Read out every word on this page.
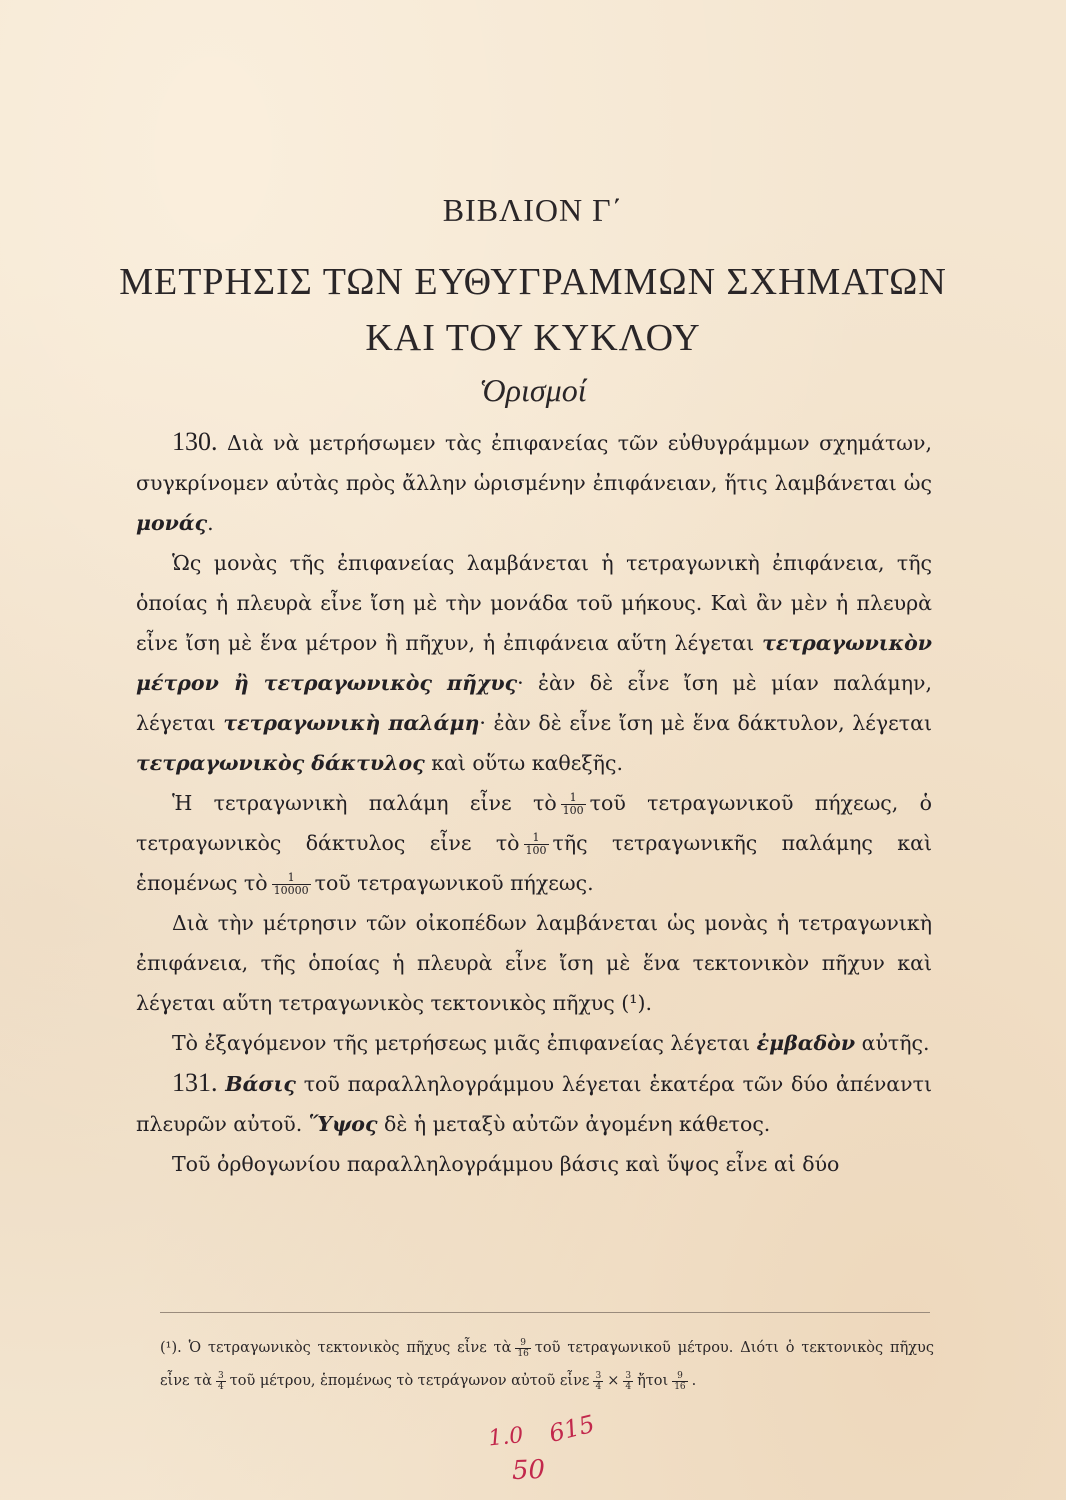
ΒΙΒΛΙΟΝ Γ΄
ΜΕΤΡΗΣΙΣ ΤΩΝ ΕΥΘΥΓΡΑΜΜΩΝ ΣΧΗΜΑΤΩΝ
ΚΑΙ ΤΟΥ ΚΥΚΛΟΥ
Ὁρισμοί

130. Διὰ νὰ μετρήσωμεν τὰς ἐπιφανείας τῶν εὐθυγράμμων σχημάτων, συγκρίνομεν αὐτὰς πρὸς ἄλλην ὡρισμένην ἐπιφάνειαν, ἥτις λαμβάνεται ὡς μονάς.

Ὡς μονὰς τῆς ἐπιφανείας λαμβάνεται ἡ τετραγωνικὴ ἐπιφάνεια, τῆς ὁποίας ἡ πλευρὰ εἶνε ἴση μὲ τὴν μονάδα τοῦ μήκους. Καὶ ἂν μὲν ἡ πλευρὰ εἶνε ἴση μὲ ἕνα μέτρον ἢ πῆχυν, ἡ ἐπιφάνεια αὕτη λέγεται τετραγωνικὸν μέτρον ἢ τετραγωνικὸς πῆχυς· ἐὰν δὲ εἶνε ἴση μὲ μίαν παλάμην, λέγεται τετραγωνικὴ παλάμη· ἐὰν δὲ εἶνε ἴση μὲ ἕνα δάκτυλον, λέγεται τετραγωνικὸς δάκτυλος καὶ οὕτω καθεξῆς.

Ἡ τετραγωνικὴ παλάμη εἶνε τὸ $\frac{1}{100}$ τοῦ τετραγωνικοῦ πήχεως, ὁ τετραγωνικὸς δάκτυλος εἶνε τὸ $\frac{1}{100}$ τῆς τετραγωνικῆς παλάμης καὶ ἑπομένως τὸ $\frac{1}{10000}$ τοῦ τετραγωνικοῦ πήχεως.

Διὰ τὴν μέτρησιν τῶν οἰκοπέδων λαμβάνεται ὡς μονὰς ἡ τετραγωνικὴ ἐπιφάνεια, τῆς ὁποίας ἡ πλευρὰ εἶνε ἴση μὲ ἕνα τεκτονικὸν πῆχυν καὶ λέγεται αὕτη τετραγωνικὸς τεκτονικὸς πῆχυς (¹).

Τὸ ἐξαγόμενον τῆς μετρήσεως μιᾶς ἐπιφανείας λέγεται ἐμβαδὸν αὐτῆς.

131. Βάσις τοῦ παραλληλογράμμου λέγεται ἑκατέρα τῶν δύο ἀπέναντι πλευρῶν αὐτοῦ. Ὕψος δὲ ἡ μεταξὺ αὐτῶν ἀγομένη κάθετος.

Τοῦ ὀρθογωνίου παραλληλογράμμου βάσις καὶ ὕψος εἶνε αἱ δύο

(¹). Ὁ τετραγωνικὸς τεκτονικὸς πῆχυς εἶνε τὰ $\frac{9}{16}$ τοῦ τετραγωνικοῦ μέτρου. Διότι ὁ τεκτονικὸς πῆχυς εἶνε τὰ $\frac{3}{4}$ τοῦ μέτρου, ἑπομένως τὸ τετράγωνον αὐτοῦ εἶνε $\frac{3}{4} \times \frac{3}{4}$ ἤτοι $\frac{9}{16}$ .

1.0 615
50
